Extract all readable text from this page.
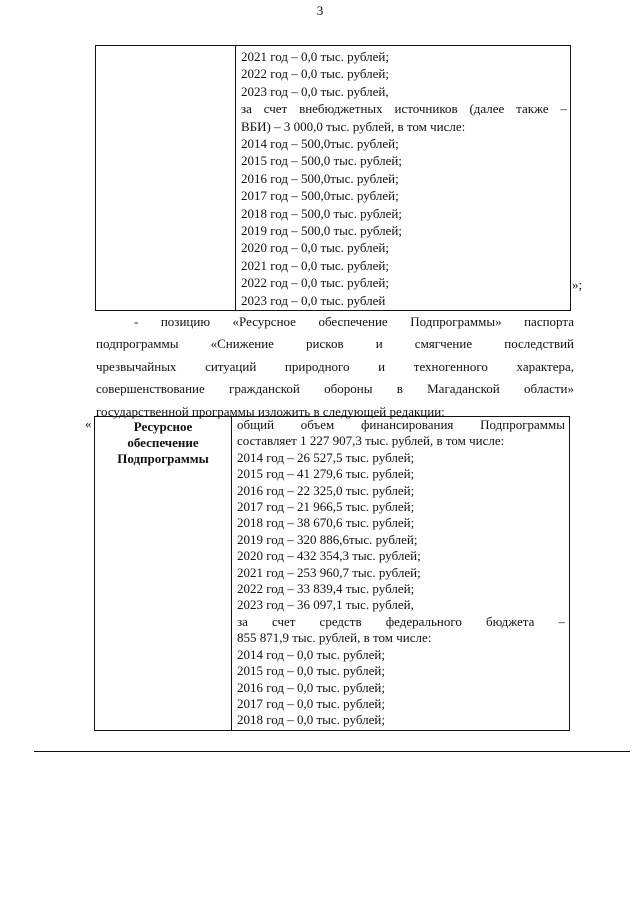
3

2021 год – 0,0 тыс. рублей;
2022 год – 0,0 тыс. рублей;
2023 год – 0,0 тыс. рублей,
за счет внебюджетных источников (далее также –
ВБИ) – 3 000,0 тыс. рублей, в том числе:
2014 год – 500,0тыс. рублей;
2015 год – 500,0 тыс. рублей;
2016 год – 500,0тыс. рублей;
2017 год – 500,0тыс. рублей;
2018 год – 500,0 тыс. рублей;
2019 год – 500,0 тыс. рублей;
2020 год – 0,0 тыс. рублей;
2021 год – 0,0 тыс. рублей;
2022 год – 0,0 тыс. рублей;
2023 год – 0,0 тыс. рублей
»;
- позицию «Ресурсное обеспечение Подпрограммы» паспорта
подпрограммы «Снижение рисков и смягчение последствий
чрезвычайных ситуаций природного и техногенного характера,
совершенствование гражданской обороны в Магаданской области»
государственной программы изложить в следующей редакции:
«	Ресурсное
обеспечение
Подпрограммы

общий объем финансирования Подпрограммы
составляет 1 227 907,3 тыс. рублей, в том числе:
2014 год – 26 527,5 тыс. рублей;
2015 год – 41 279,6 тыс. рублей;
2016 год – 22 325,0 тыс. рублей;
2017 год – 21 966,5 тыс. рублей;
2018 год – 38 670,6 тыс. рублей;
2019 год – 320 886,6тыс. рублей;
2020 год – 432 354,3 тыс. рублей;
2021 год – 253 960,7 тыс. рублей;
2022 год – 33 839,4 тыс. рублей;
2023 год – 36 097,1 тыс. рублей,
за счет средств федерального бюджета –
855 871,9 тыс. рублей, в том числе:
2014 год – 0,0 тыс. рублей;
2015 год – 0,0 тыс. рублей;
2016 год – 0,0 тыс. рублей;
2017 год – 0,0 тыс. рублей;
2018 год – 0,0 тыс. рублей;
